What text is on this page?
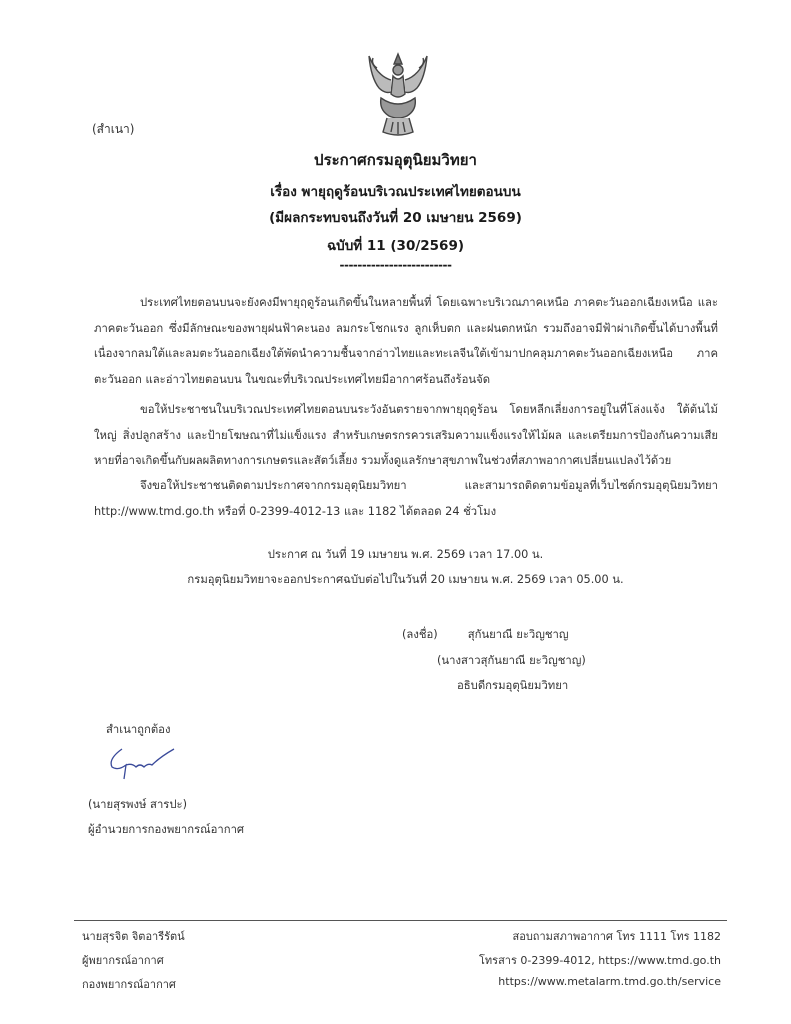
(สำเนา)
ประกาศกรมอุตุนิยมวิทยา
เรื่อง พายุฤดูร้อนบริเวณประเทศไทยตอนบน
(มีผลกระทบจนถึงวันที่ 20 เมษายน 2569)
ฉบับที่ 11 (30/2569)
-------------------------
ประเทศไทยตอนบนจะยังคงมีพายุฤดูร้อนเกิดขึ้นในหลายพื้นที่ โดยเฉพาะบริเวณภาคเหนือ ภาคตะวันออกเฉียงเหนือ และภาคตะวันออก ซึ่งมีลักษณะของพายุฝนฟ้าคะนอง ลมกระโชกแรง ลูกเห็บตก และฝนตกหนัก รวมถึงอาจมีฟ้าผ่าเกิดขึ้นได้บางพื้นที่ เนื่องจากลมใต้และลมตะวันออกเฉียงใต้พัดนำความชื้นจากอ่าวไทยและทะเลจีนใต้เข้ามาปกคลุมภาคตะวันออกเฉียงเหนือ ภาคตะวันออก และอ่าวไทยตอนบน ในขณะที่บริเวณประเทศไทยมีอากาศร้อนถึงร้อนจัด
ขอให้ประชาชนในบริเวณประเทศไทยตอนบนระวังอันตรายจากพายุฤดูร้อน โดยหลีกเลี่ยงการอยู่ในที่โล่งแจ้ง ใต้ต้นไม้ใหญ่ สิ่งปลูกสร้าง และป้ายโฆษณาที่ไม่แข็งแรง สำหรับเกษตรกรควรเสริมความแข็งแรงให้ไม้ผล และเตรียมการป้องกันความเสียหายที่อาจเกิดขึ้นกับผลผลิตทางการเกษตรและสัตว์เลี้ยง รวมทั้งดูแลรักษาสุขภาพในช่วงที่สภาพอากาศเปลี่ยนแปลงไว้ด้วย
จึงขอให้ประชาชนติดตามประกาศจากกรมอุตุนิยมวิทยา และสามารถติดตามข้อมูลที่เว็บไซต์กรมอุตุนิยมวิทยา http://www.tmd.go.th หรือที่ 0-2399-4012-13 และ 1182 ได้ตลอด 24 ชั่วโมง
ประกาศ ณ วันที่ 19 เมษายน พ.ศ. 2569 เวลา 17.00 น.
กรมอุตุนิยมวิทยาจะออกประกาศฉบับต่อไปในวันที่ 20 เมษายน พ.ศ. 2569 เวลา 05.00 น.
(ลงชื่อ)	สุกันยาณี ยะวิญชาญ
(นางสาวสุกันยาณี ยะวิญชาญ)
อธิบดีกรมอุตุนิยมวิทยา
สำเนาถูกต้อง
(นายสุรพงษ์ สารปะ)
ผู้อำนวยการกองพยากรณ์อากาศ
นายสุรจิต จิตอารีรัตน์
ผู้พยากรณ์อากาศ
กองพยากรณ์อากาศ
สอบถามสภาพอากาศ โทร 1111 โทร 1182
โทรสาร 0-2399-4012, https://www.tmd.go.th
https://www.metalarm.tmd.go.th/service
